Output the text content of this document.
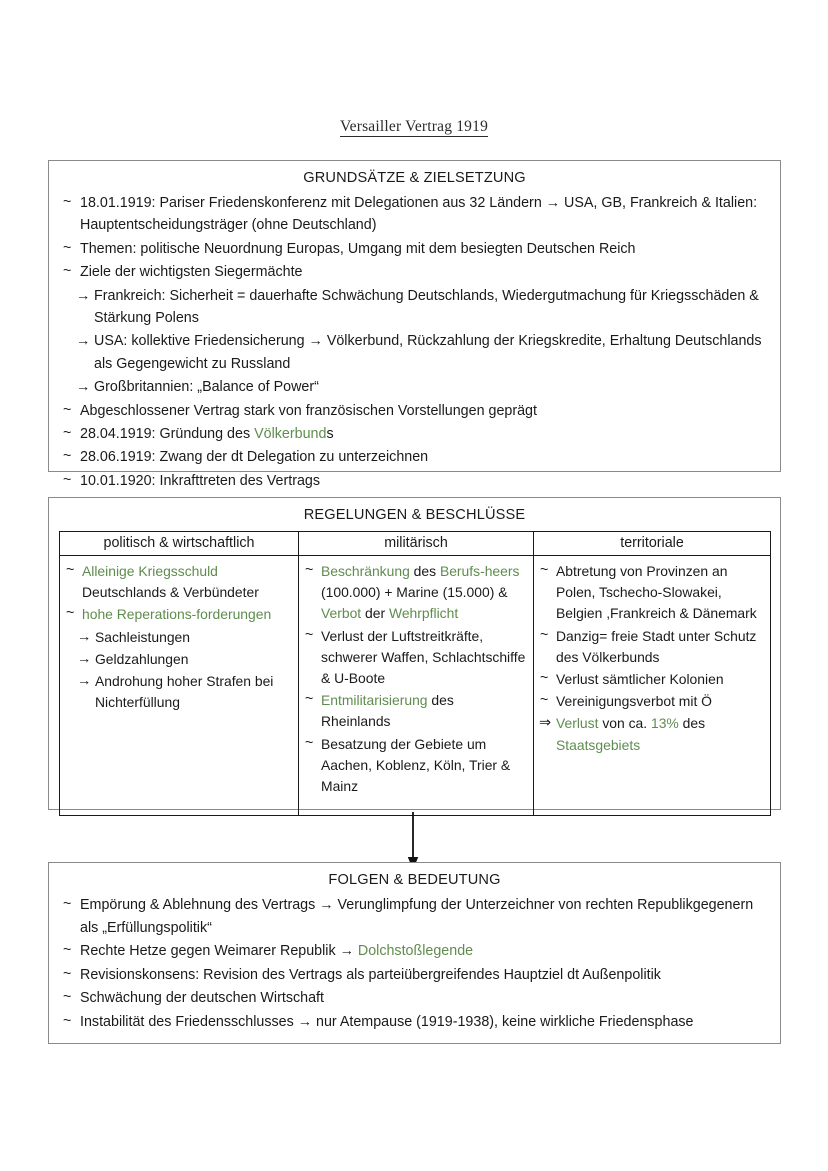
Versailler Vertrag 1919
GRUNDSÄTZE & ZIELSETZUNG
~ 18.01.1919: Pariser Friedenskonferenz mit Delegationen aus 32 Ländern → USA, GB, Frankreich & Italien: Hauptentscheidungsträger (ohne Deutschland)
~ Themen: politische Neuordnung Europas, Umgang mit dem besiegten Deutschen Reich
~ Ziele der wichtigsten Siegermächte
→ Frankreich: Sicherheit = dauerhafte Schwächung Deutschlands, Wiedergutmachung für Kriegsschäden & Stärkung Polens
→ USA: kollektive Friedensicherung → Völkerbund, Rückzahlung der Kriegskredite, Erhaltung Deutschlands als Gegengewicht zu Russland
→ Großbritannien: „Balance of Power“
~ Abgeschlossener Vertrag stark von französischen Vorstellungen geprägt
~ 28.04.1919: Gründung des Völkerbunds
~ 28.06.1919: Zwang der dt Delegation zu unterzeichnen
~ 10.01.1920: Inkrafttreten des Vertrags
REGELUNGEN & BESCHLÜSSE
politisch & wirtschaftlich	militärisch	territoriale

~ Alleinige Kriegsschuld Deutschlands & Verbündeter
~ hohe Reperations-forderungen
→ Sachleistungen
→ Geldzahlungen
→ Androhung hoher Strafen bei Nichterfüllung

~ Beschränkung des Berufs-heers (100.000) + Marine (15.000) & Verbot der Wehrpflicht
~ Verlust der Luftstreitkräfte, schwerer Waffen, Schlachtschiffe & U-Boote
~ Entmilitarisierung des Rheinlands
~ Besatzung der Gebiete um Aachen, Koblenz, Köln, Trier & Mainz

~ Abtretung von Provinzen an Polen, Tschecho-Slowakei, Belgien ,Frankreich & Dänemark
~ Danzig= freie Stadt unter Schutz des Völkerbunds
~ Verlust sämtlicher Kolonien
~ Vereinigungsverbot mit Ö
⇒ Verlust von ca. 13% des Staatsgebiets
FOLGEN & BEDEUTUNG
~ Empörung & Ablehnung des Vertrags → Verunglimpfung der Unterzeichner von rechten Republikgegenern als „Erfüllungspolitik“
~ Rechte Hetze gegen Weimarer Republik → Dolchstoßlegende
~ Revisionskonsens: Revision des Vertrags als parteiübergreifendes Hauptziel dt Außenpolitik
~ Schwächung der deutschen Wirtschaft
~ Instabilität des Friedensschlusses → nur Atempause (1919-1938), keine wirkliche Friedensphase
